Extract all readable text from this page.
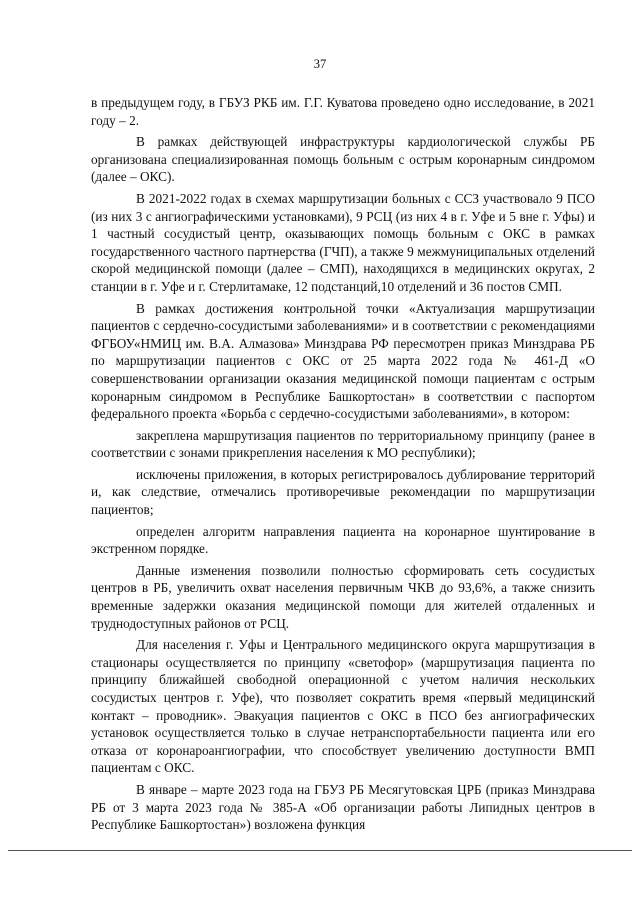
37

в предыдущем году, в ГБУЗ РКБ им. Г.Г. Куватова проведено одно исследование, в 2021 году – 2.

В рамках действующей инфраструктуры кардиологической службы РБ организована специализированная помощь больным с острым коронарным синдромом (далее – ОКС).

В 2021-2022 годах в схемах маршрутизации больных с ССЗ участвовало 9 ПСО (из них 3 с ангиографическими установками), 9 РСЦ (из них 4 в г. Уфе и 5 вне г. Уфы) и 1 частный сосудистый центр, оказывающих помощь больным с ОКС в рамках государственного частного партнерства (ГЧП), а также 9 межмуниципальных отделений скорой медицинской помощи (далее – СМП), находящихся в медицинских округах, 2 станции в г. Уфе и г. Стерлитамаке, 12 подстанций,10 отделений и 36 постов СМП.

В рамках достижения контрольной точки «Актуализация маршрутизации пациентов с сердечно-сосудистыми заболеваниями» и в соответствии с рекомендациями ФГБОУ«НМИЦ им. В.А. Алмазова» Минздрава РФ пересмотрен приказ Минздрава РБ по маршрутизации пациентов с ОКС от 25 марта 2022 года № 461-Д «О совершенствовании организации оказания медицинской помощи пациентам с острым коронарным синдромом в Республике Башкортостан» в соответствии с паспортом федерального проекта «Борьба с сердечно-сосудистыми заболеваниями», в котором:

закреплена маршрутизация пациентов по территориальному принципу (ранее в соответствии с зонами прикрепления населения к МО республики);

исключены приложения, в которых регистрировалось дублирование территорий и, как следствие, отмечались противоречивые рекомендации по маршрутизации пациентов;

определен алгоритм направления пациента на коронарное шунтирование в экстренном порядке.

Данные изменения позволили полностью сформировать сеть сосудистых центров в РБ, увеличить охват населения первичным ЧКВ до 93,6%, а также снизить временные задержки оказания медицинской помощи для жителей отдаленных и труднодоступных районов от РСЦ.

Для населения г. Уфы и Центрального медицинского округа маршрутизация в стационары осуществляется по принципу «светофор» (маршрутизация пациента по принципу ближайшей свободной операционной с учетом наличия нескольких сосудистых центров г. Уфе), что позволяет сократить время «первый медицинский контакт – проводник». Эвакуация пациентов с ОКС в ПСО без ангиографических установок осуществляется только в случае нетранспортабельности пациента или его отказа от коронароангиографии, что способствует увеличению доступности ВМП пациентам с ОКС.

В январе – марте 2023 года на ГБУЗ РБ Месягутовская ЦРБ (приказ Минздрава РБ от 3 марта 2023 года № 385-А «Об организации работы Липидных центров в Республике Башкортостан») возложена функция
